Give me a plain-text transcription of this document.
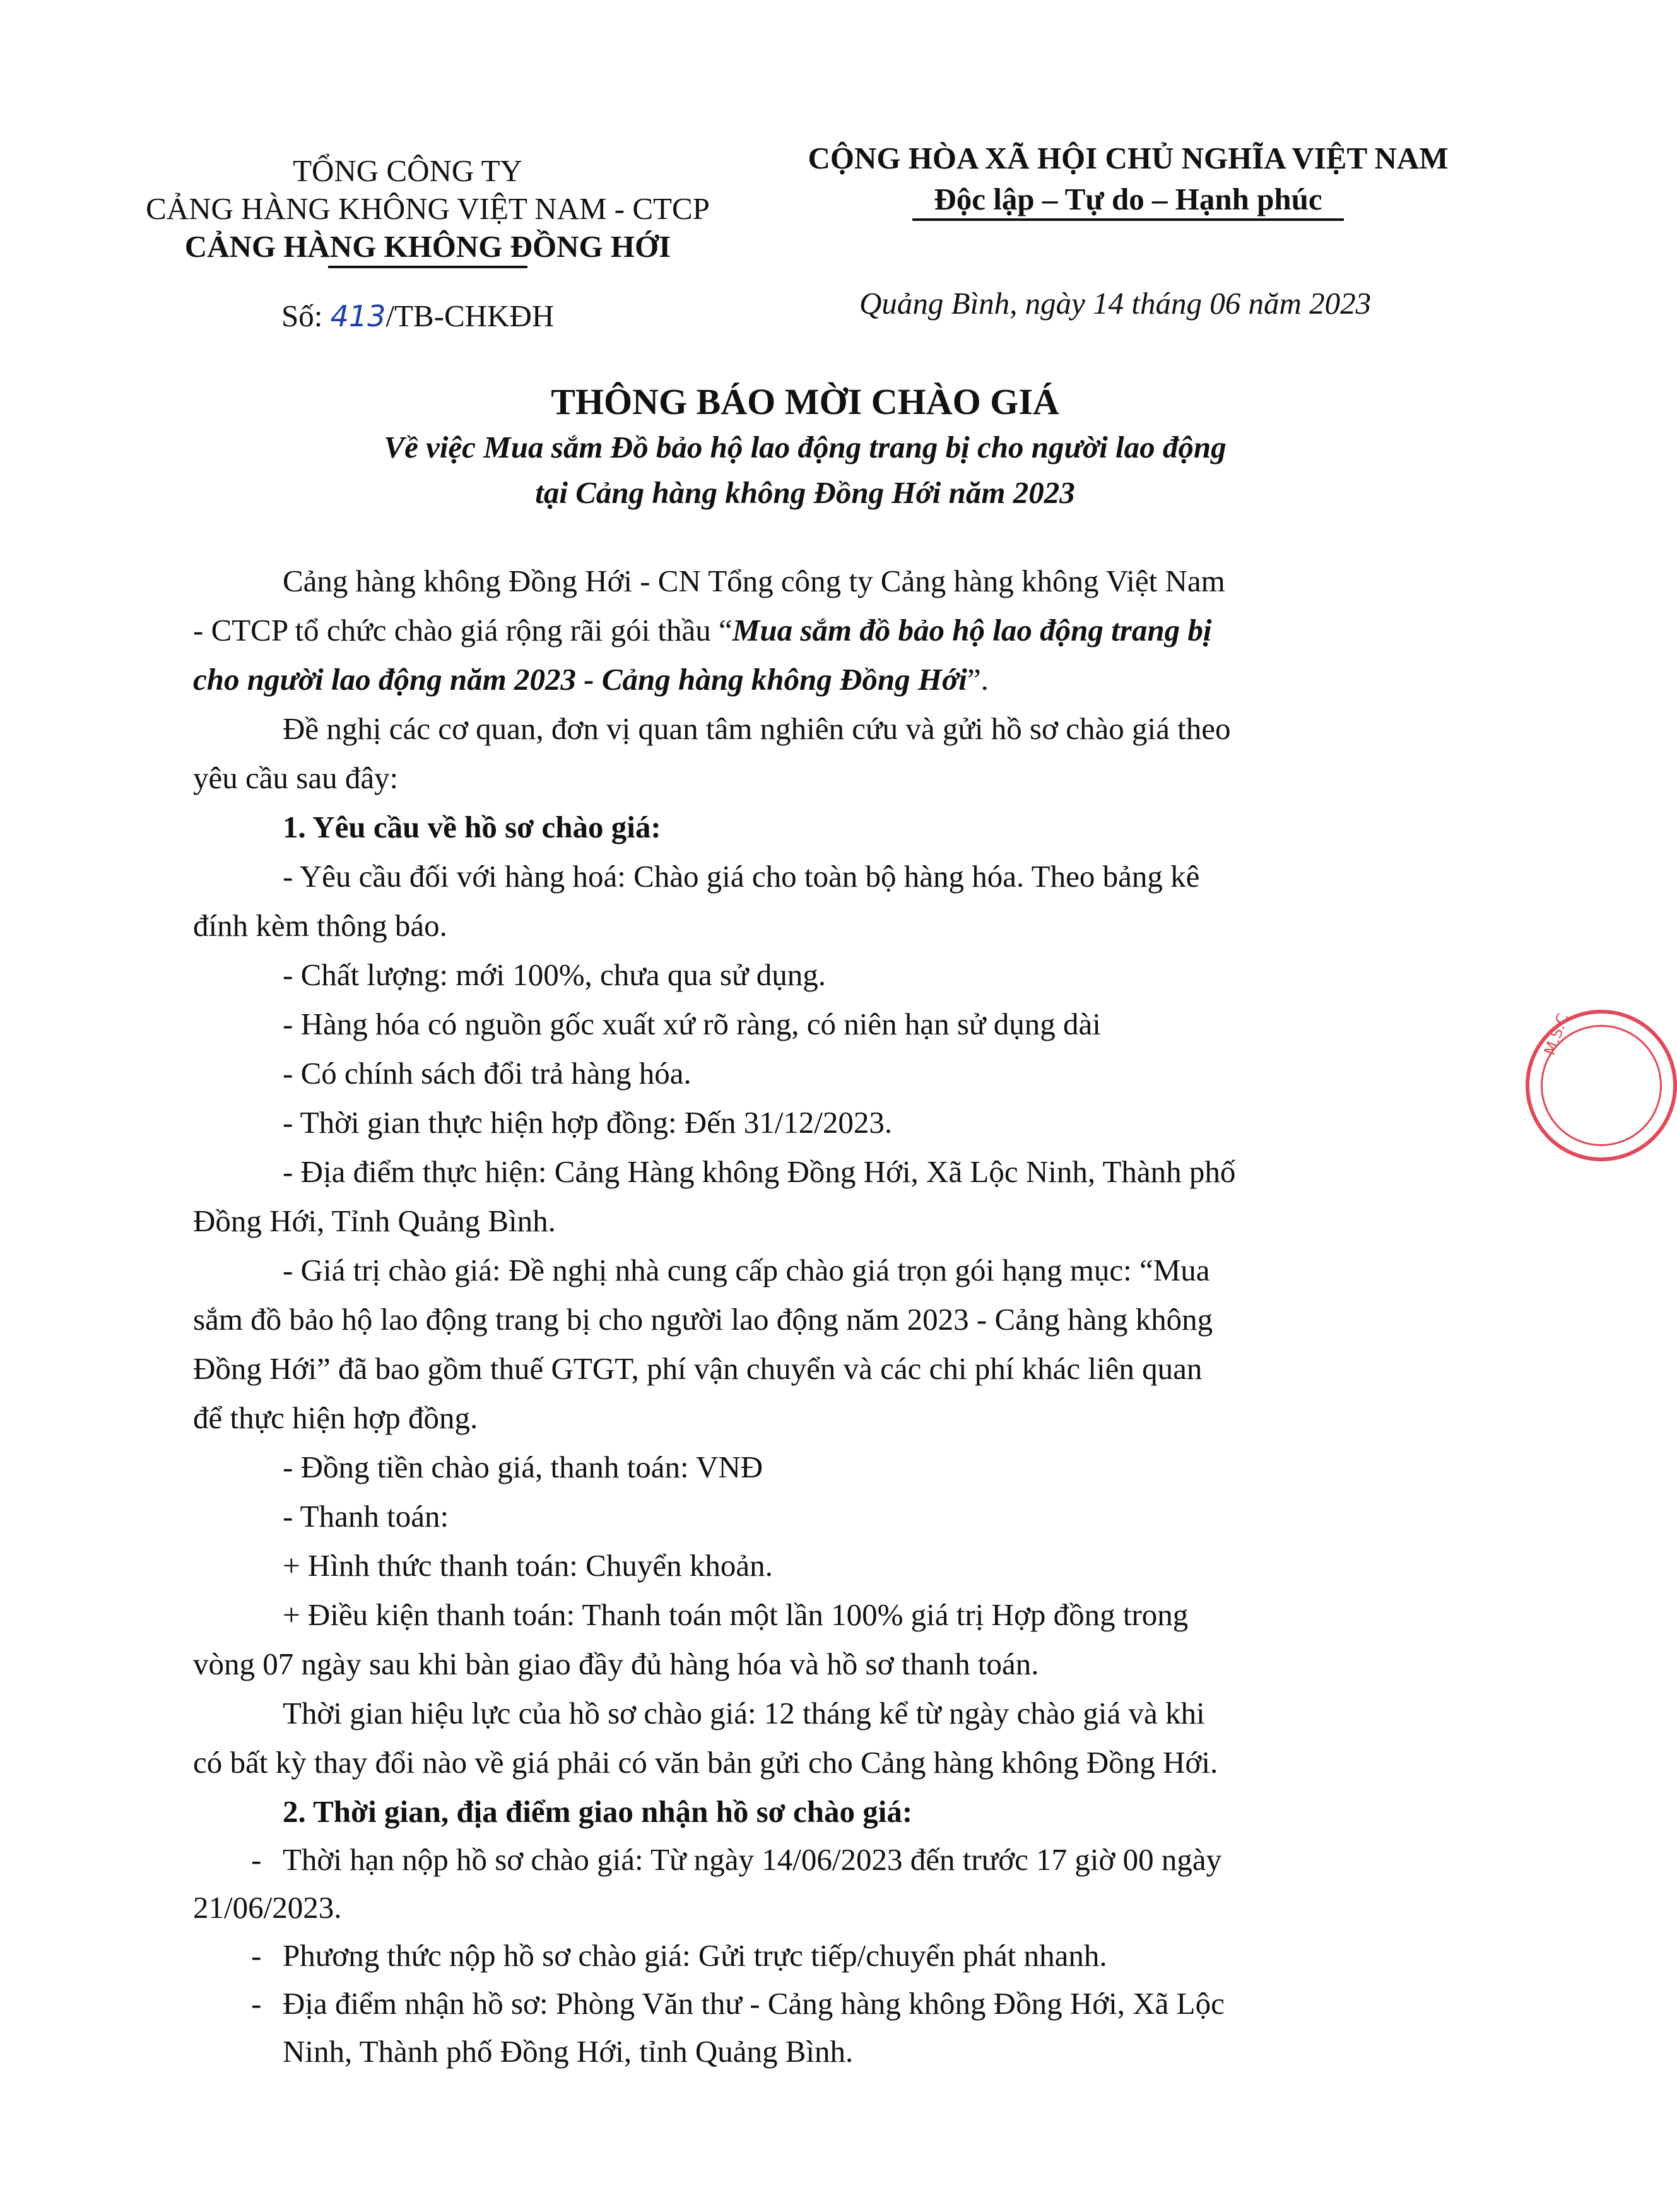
TỔNG CÔNG TY
CẢNG HÀNG KHÔNG VIỆT NAM - CTCP
CẢNG HÀNG KHÔNG ĐỒNG HỚI
CỘNG HÒA XÃ HỘI CHỦ NGHĨA VIỆT NAM
Độc lập – Tự do – Hạnh phúc
Số: 413/TB-CHKĐH	Quảng Bình, ngày 14 tháng 06 năm 2023
THÔNG BÁO MỜI CHÀO GIÁ
Về việc Mua sắm Đồ bảo hộ lao động trang bị cho người lao động
tại Cảng hàng không Đồng Hới năm 2023
Cảng hàng không Đồng Hới - CN Tổng công ty Cảng hàng không Việt Nam
- CTCP tổ chức chào giá rộng rãi gói thầu “Mua sắm đồ bảo hộ lao động trang bị
cho người lao động năm 2023 - Cảng hàng không Đồng Hới”.
Đề nghị các cơ quan, đơn vị quan tâm nghiên cứu và gửi hồ sơ chào giá theo
yêu cầu sau đây:
1. Yêu cầu về hồ sơ chào giá:
- Yêu cầu đối với hàng hoá: Chào giá cho toàn bộ hàng hóa. Theo bảng kê
đính kèm thông báo.
- Chất lượng: mới 100%, chưa qua sử dụng.
- Hàng hóa có nguồn gốc xuất xứ rõ ràng, có niên hạn sử dụng dài
- Có chính sách đổi trả hàng hóa.
- Thời gian thực hiện hợp đồng: Đến 31/12/2023.
- Địa điểm thực hiện: Cảng Hàng không Đồng Hới, Xã Lộc Ninh, Thành phố
Đồng Hới, Tỉnh Quảng Bình.
- Giá trị chào giá: Đề nghị nhà cung cấp chào giá trọn gói hạng mục: “Mua
sắm đồ bảo hộ lao động trang bị cho người lao động năm 2023 - Cảng hàng không
Đồng Hới” đã bao gồm thuế GTGT, phí vận chuyển và các chi phí khác liên quan
để thực hiện hợp đồng.
- Đồng tiền chào giá, thanh toán: VNĐ
- Thanh toán:
+ Hình thức thanh toán: Chuyển khoản.
+ Điều kiện thanh toán: Thanh toán một lần 100% giá trị Hợp đồng trong
vòng 07 ngày sau khi bàn giao đầy đủ hàng hóa và hồ sơ thanh toán.
Thời gian hiệu lực của hồ sơ chào giá: 12 tháng kể từ ngày chào giá và khi
có bất kỳ thay đổi nào về giá phải có văn bản gửi cho Cảng hàng không Đồng Hới.
2. Thời gian, địa điểm giao nhận hồ sơ chào giá:
- Thời hạn nộp hồ sơ chào giá: Từ ngày 14/06/2023 đến trước 17 giờ 00 ngày
21/06/2023.
- Phương thức nộp hồ sơ chào giá: Gửi trực tiếp/chuyển phát nhanh.
- Địa điểm nhận hồ sơ: Phòng Văn thư - Cảng hàng không Đồng Hới, Xã Lộc
Ninh, Thành phố Đồng Hới, tỉnh Quảng Bình.
M.S.C
